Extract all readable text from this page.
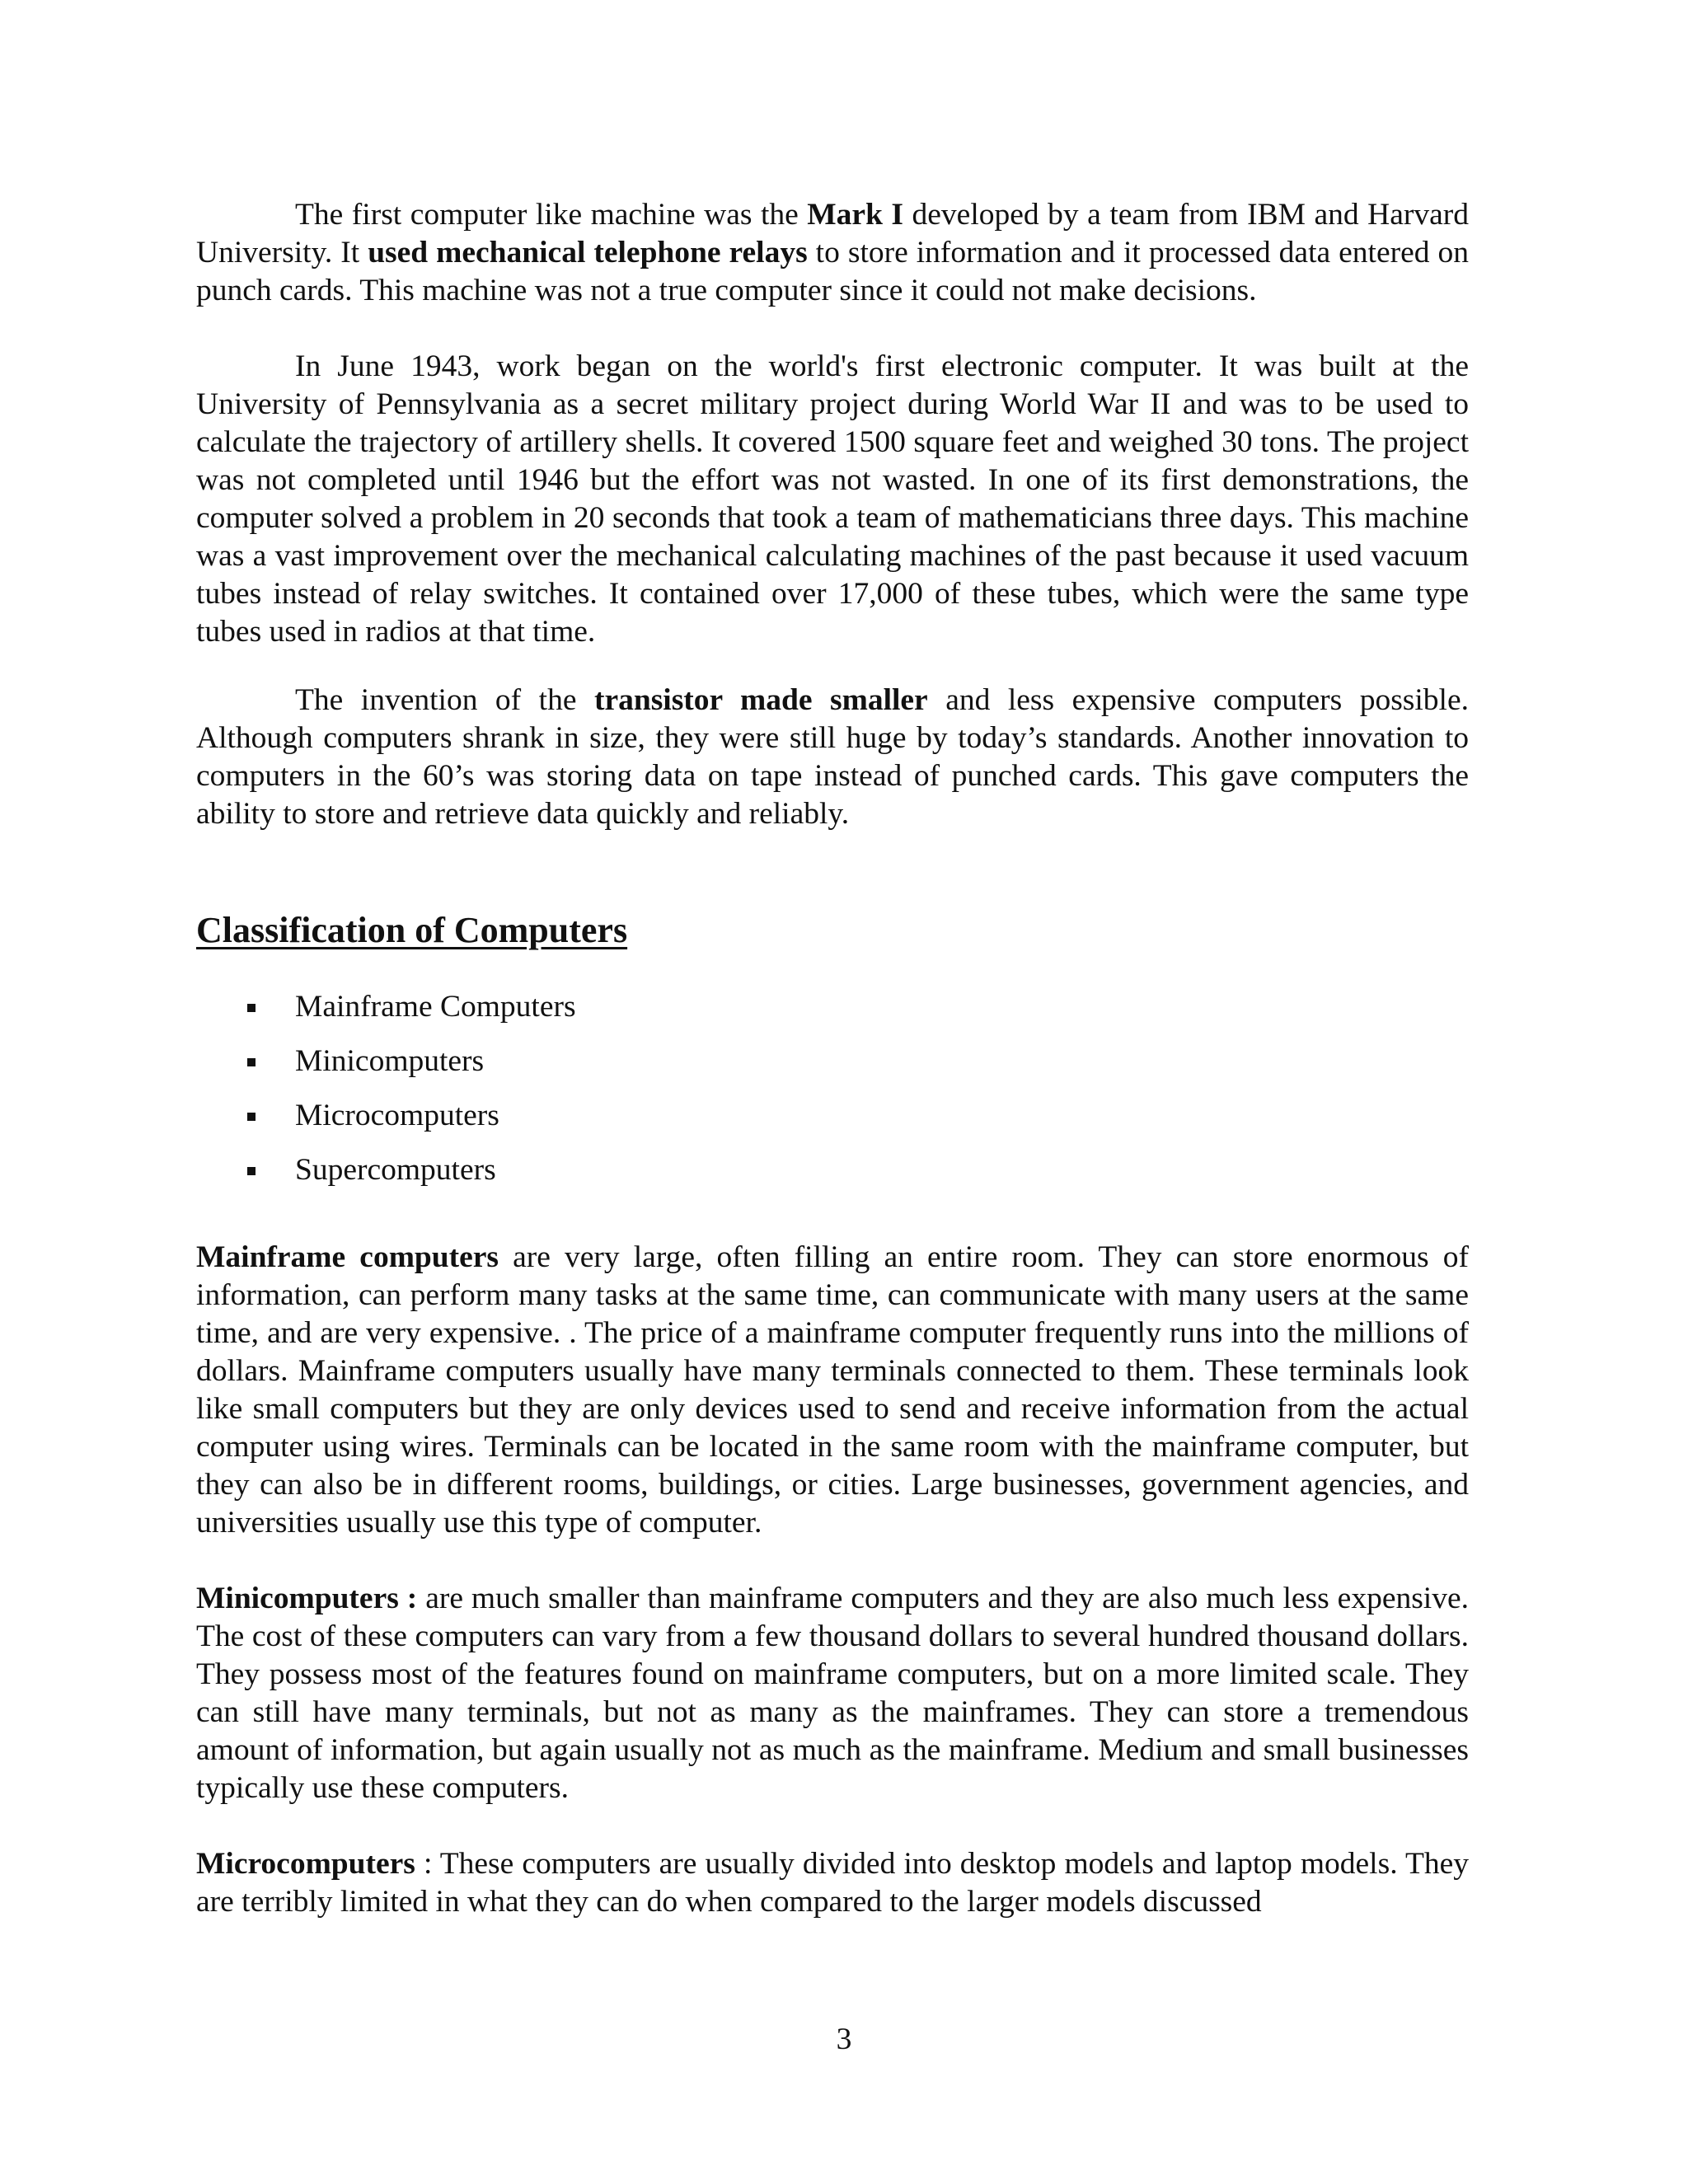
The first computer like machine was the Mark I developed by a team from IBM and Harvard University. It used mechanical telephone relays to store information and it processed data entered on punch cards. This machine was not a true computer since it could not make decisions.

In June 1943, work began on the world's first electronic computer. It was built at the University of Pennsylvania as a secret military project during World War II and was to be used to calculate the trajectory of artillery shells. It covered 1500 square feet and weighed 30 tons. The project was not completed until 1946 but the effort was not wasted. In one of its first demonstrations, the computer solved a problem in 20 seconds that took a team of mathematicians three days. This machine was a vast improvement over the mechanical calculating machines of the past because it used vacuum tubes instead of relay switches. It contained over 17,000 of these tubes, which were the same type tubes used in radios at that time.

The invention of the transistor made smaller and less expensive computers possible. Although computers shrank in size, they were still huge by today’s standards. Another innovation to computers in the 60’s was storing data on tape instead of punched cards. This gave computers the ability to store and retrieve data quickly and reliably.

Classification of Computers
Mainframe Computers
Minicomputers
Microcomputers
Supercomputers

Mainframe computers are very large, often filling an entire room. They can store enormous of information, can perform many tasks at the same time, can communicate with many users at the same time, and are very expensive. . The price of a mainframe computer frequently runs into the millions of dollars. Mainframe computers usually have many terminals connected to them. These terminals look like small computers but they are only devices used to send and receive information from the actual computer using wires. Terminals can be located in the same room with the mainframe computer, but they can also be in different rooms, buildings, or cities. Large businesses, government agencies, and universities usually use this type of computer.

Minicomputers : are much smaller than mainframe computers and they are also much less expensive. The cost of these computers can vary from a few thousand dollars to several hundred thousand dollars. They possess most of the features found on mainframe computers, but on a more limited scale. They can still have many terminals, but not as many as the mainframes. They can store a tremendous amount of information, but again usually not as much as the mainframe. Medium and small businesses typically use these computers.

Microcomputers : These computers are usually divided into desktop models and laptop models. They are terribly limited in what they can do when compared to the larger models discussed

3
